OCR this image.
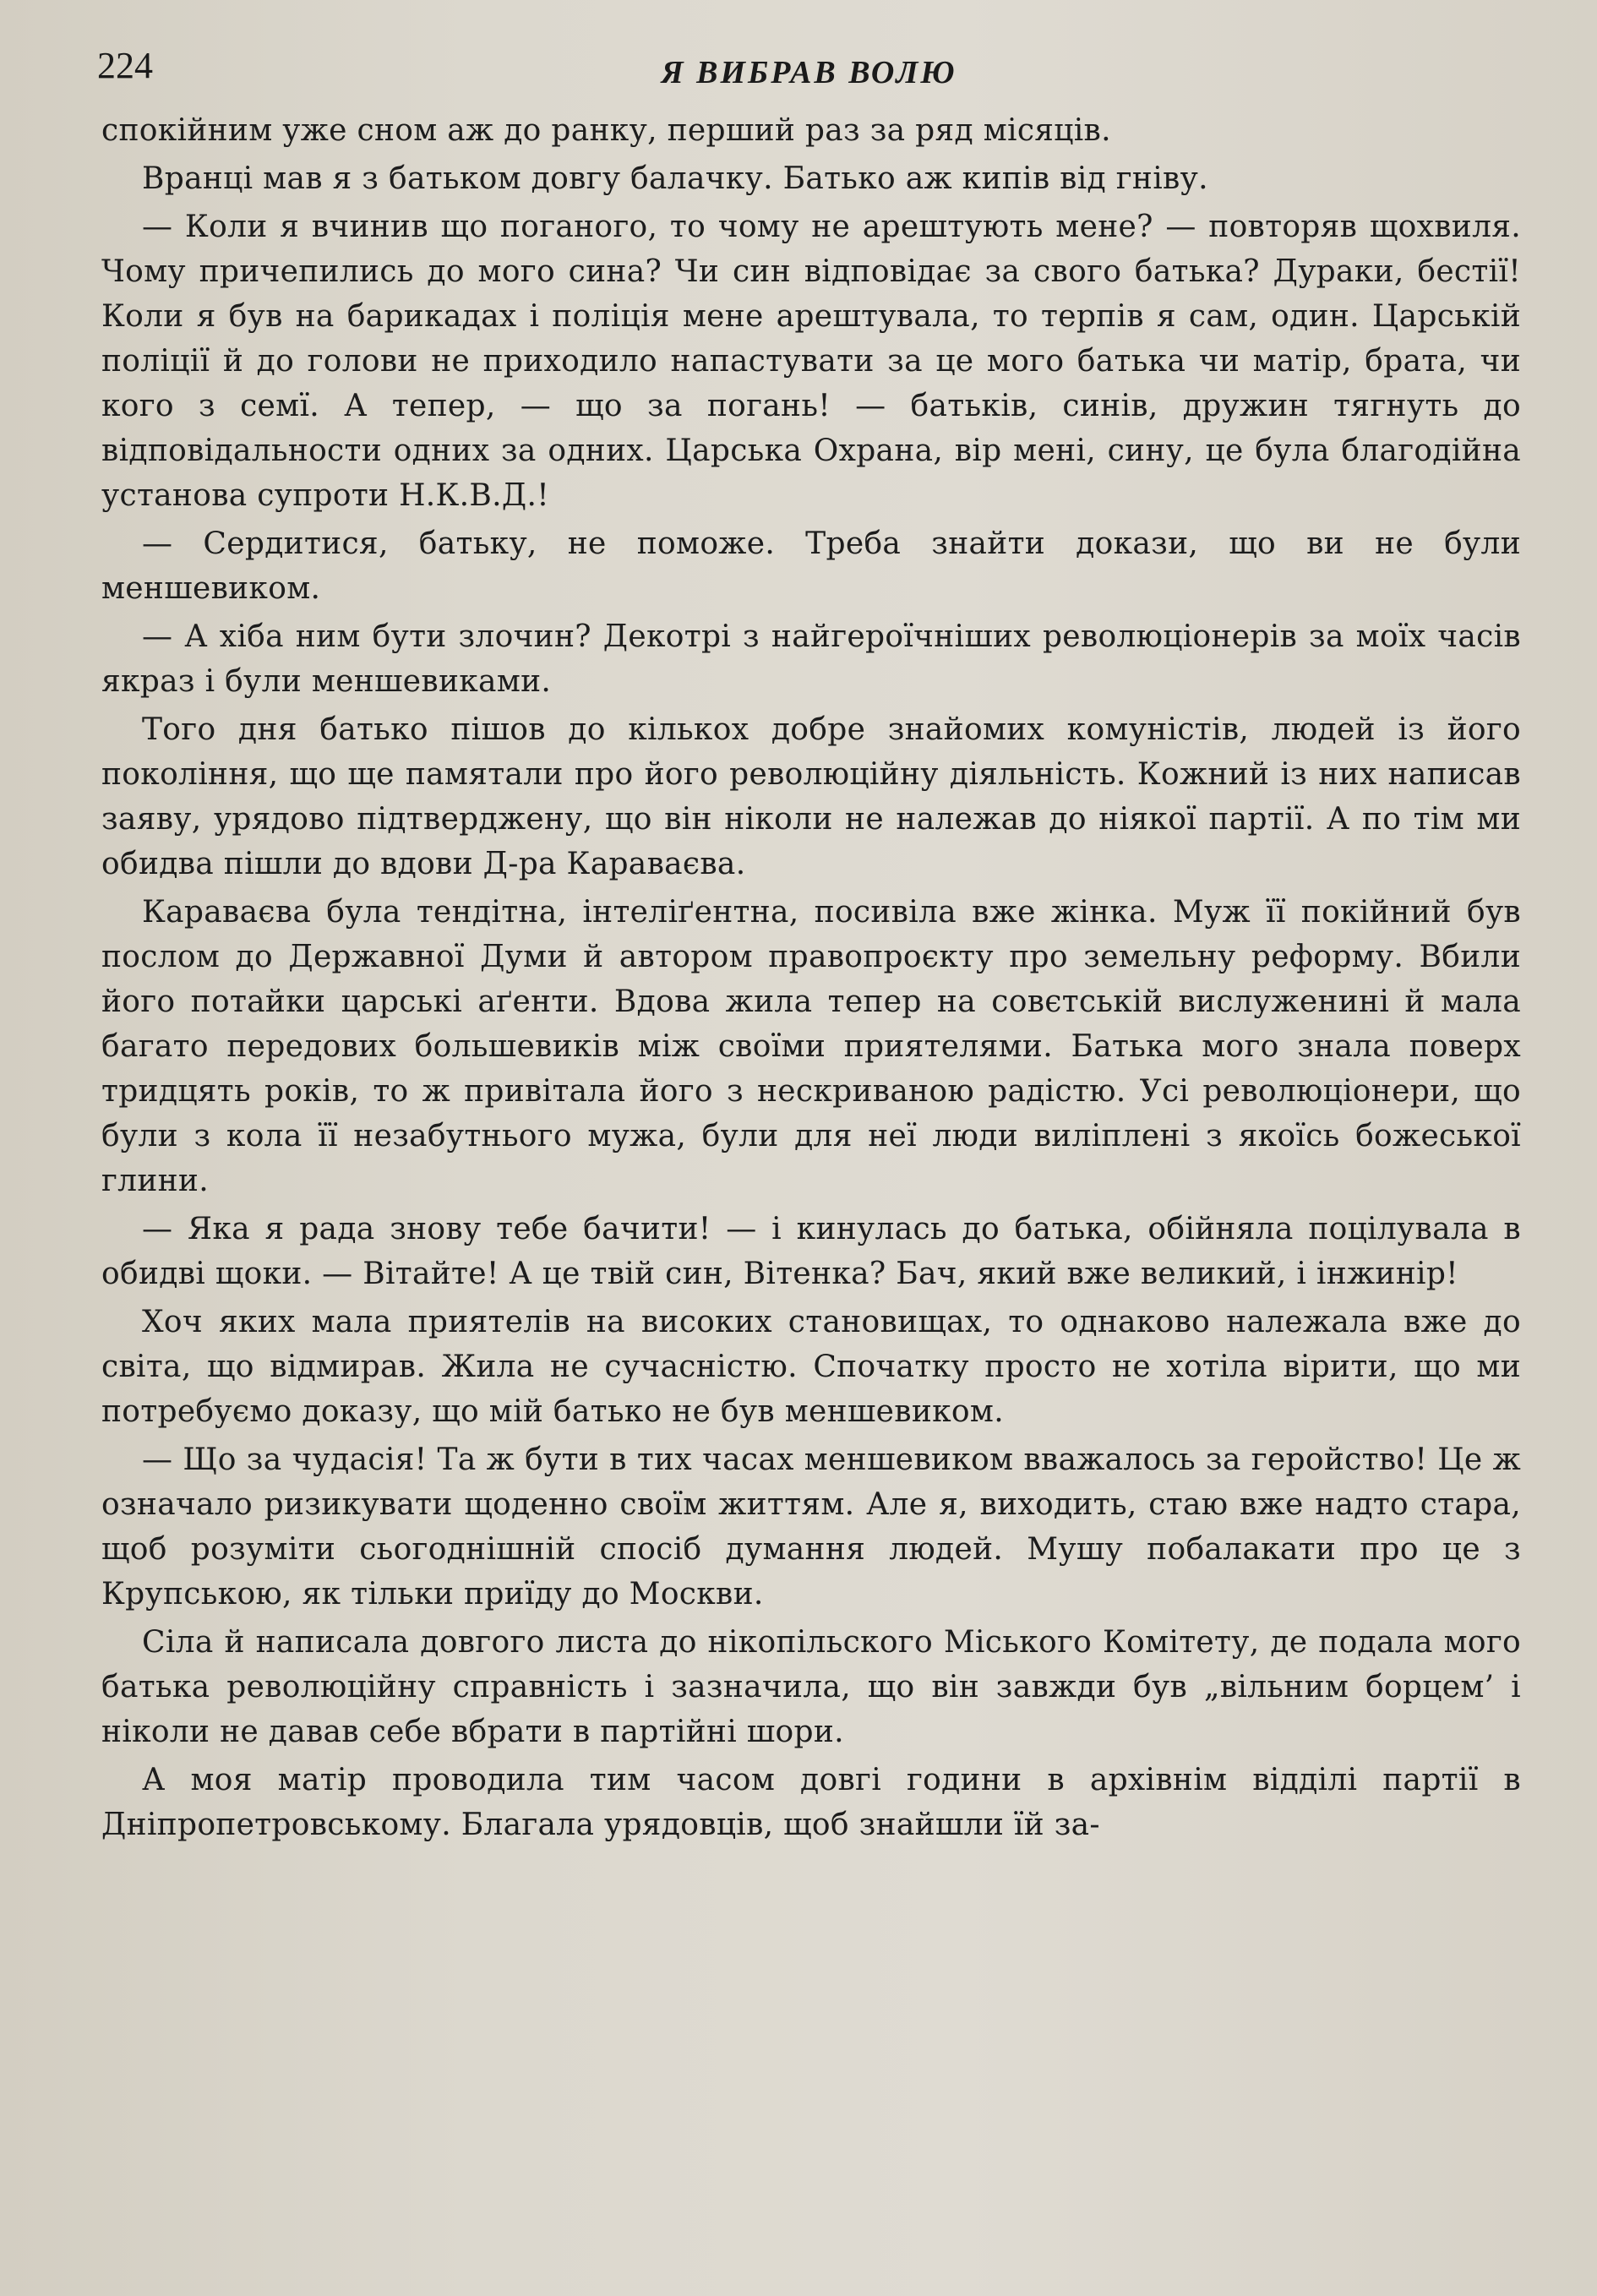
224	Я ВИБРАВ ВОЛЮ

спокійним уже сном аж до ранку, перший раз за ряд місяців.

Вранці мав я з батьком довгу балачку. Батько аж кипів від гніву.

— Коли я вчинив що поганого, то чому не арештують мене? — повторяв щохвиля. Чому причепились до мого сина? Чи син відповідає за свого батька? Дураки, бестії! Коли я був на барикадах і поліція мене арештувала, то терпів я сам, один. Царській поліції й до голови не приходило напастувати за це мого батька чи матір, брата, чи кого з семї. А тепер, — що за погань! — батьків, синів, дружин тягнуть до відповідальности одних за одних. Царська Охрана, вір мені, сину, це була благодійна установа супроти Н.К.В.Д.!

— Сердитися, батьку, не поможе. Треба знайти докази, що ви не були меншевиком.

— А хіба ним бути злочин? Декотрі з найгероїчніших революціонерів за моїх часів якраз і були меншевиками.

Того дня батько пішов до кількох добре знайомих комуністів, людей із його покоління, що ще памятали про його революційну діяльність. Кожний із них написав заяву, урядово підтверджену, що він ніколи не належав до ніякої партії. А по тім ми обидва пішли до вдови Д-ра Караваєва.

Караваєва була тендітна, інтеліґентна, посивіла вже жінка. Муж її покійний був послом до Державної Думи й автором правопроєкту про земельну реформу. Вбили його потайки царські аґенти. Вдова жила тепер на совєтській вислуженині й мала багато передових большевиків між своїми приятелями. Батька мого знала поверх тридцять років, то ж привітала його з нескриваною радістю. Усі революціонери, що були з кола її незабутнього мужа, були для неї люди виліплені з якоїсь божеської глини.

— Яка я рада знову тебе бачити! — і кинулась до батька, обійняла поцілувала в обидві щоки. — Вітайте! А це твій син, Вітенка? Бач, який вже великий, і інжинір!

Хоч яких мала приятелів на високих становищах, то однаково належала вже до світа, що відмирав. Жила не сучасністю. Спочатку просто не хотіла вірити, що ми потребуємо доказу, що мій батько не був меншевиком.

— Що за чудасія! Та ж бути в тих часах меншевиком вважалось за геройство! Це ж означало ризикувати щоденно своїм життям. Але я, виходить, стаю вже надто стара, щоб розуміти сьогоднішній спосіб думання людей. Мушу побалакати про це з Крупською, як тільки приїду до Москви.

Сіла й написала довгого листа до нікопільского Міського Комітету, де подала мого батька революційну справність і зазначила, що він завжди був „вільним борцем’ і ніколи не давав себе вбрати в партійні шори.

А моя матір проводила тим часом довгі години в архівнім відділі партії в Дніпропетровському. Благала урядовців, щоб знайшли їй за-
